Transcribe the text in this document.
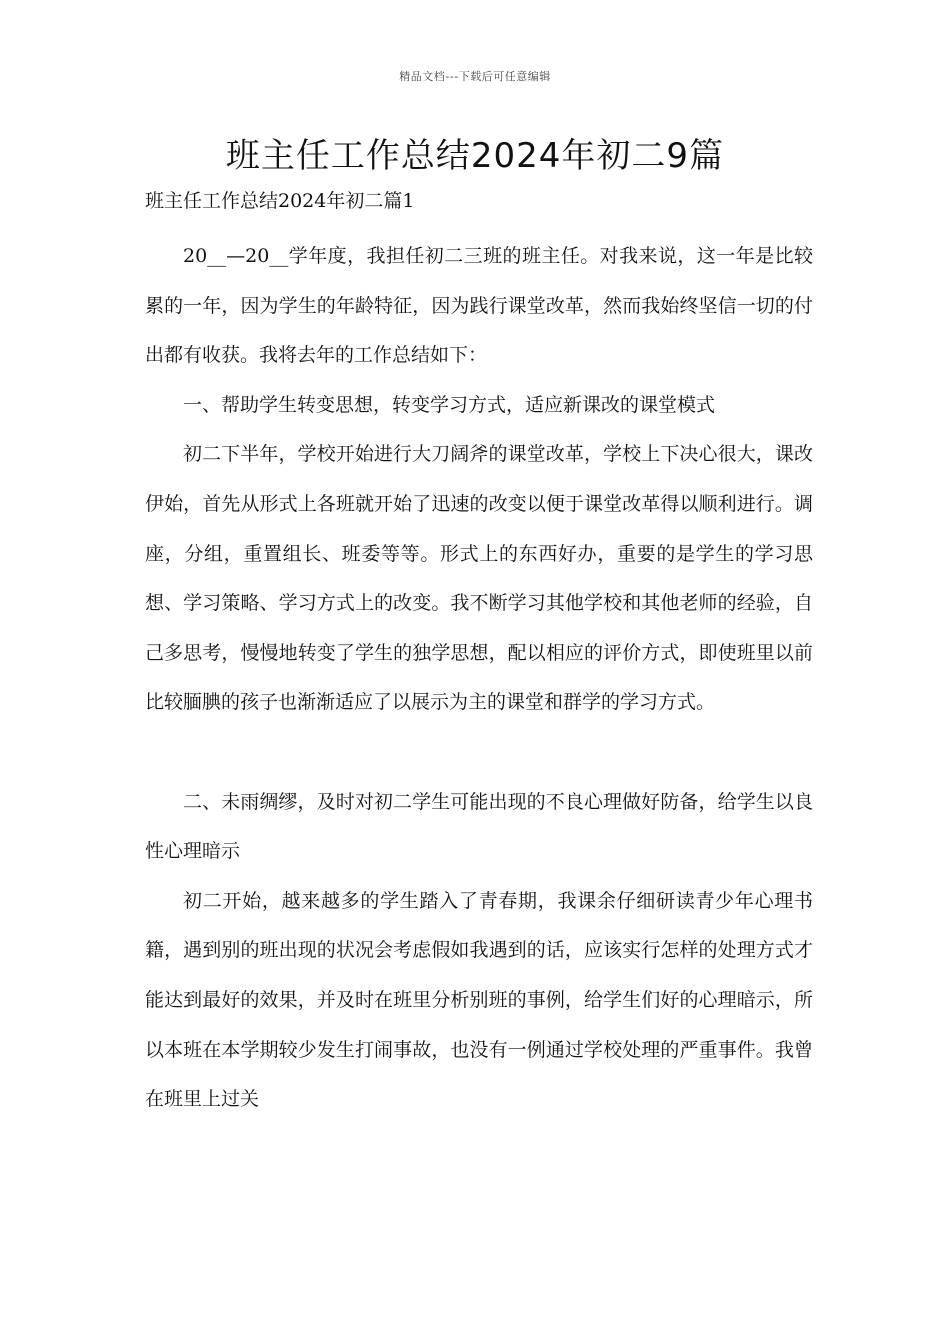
精品文档---下载后可任意编辑
班主任工作总结2024年初二9篇
班主任工作总结2024年初二篇1

20__—20__学年度，我担任初二三班的班主任。对我来说，这一年是比较累的一年，因为学生的年龄特征，因为践行课堂改革，然而我始终坚信一切的付出都有收获。我将去年的工作总结如下：

一、帮助学生转变思想，转变学习方式，适应新课改的课堂模式

初二下半年，学校开始进行大刀阔斧的课堂改革，学校上下决心很大，课改伊始，首先从形式上各班就开始了迅速的改变以便于课堂改革得以顺利进行。调座，分组，重置组长、班委等等。形式上的东西好办，重要的是学生的学习思想、学习策略、学习方式上的改变。我不断学习其他学校和其他老师的经验，自己多思考，慢慢地转变了学生的独学思想，配以相应的评价方式，即使班里以前比较腼腆的孩子也渐渐适应了以展示为主的课堂和群学的学习方式。

二、未雨绸缪，及时对初二学生可能出现的不良心理做好防备，给学生以良性心理暗示

初二开始，越来越多的学生踏入了青春期，我课余仔细研读青少年心理书籍，遇到别的班出现的状况会考虑假如我遇到的话，应该实行怎样的处理方式才能达到最好的效果，并及时在班里分析别班的事例，给学生们好的心理暗示，所以本班在本学期较少发生打闹事故，也没有一例通过学校处理的严重事件。我曾在班里上过关
